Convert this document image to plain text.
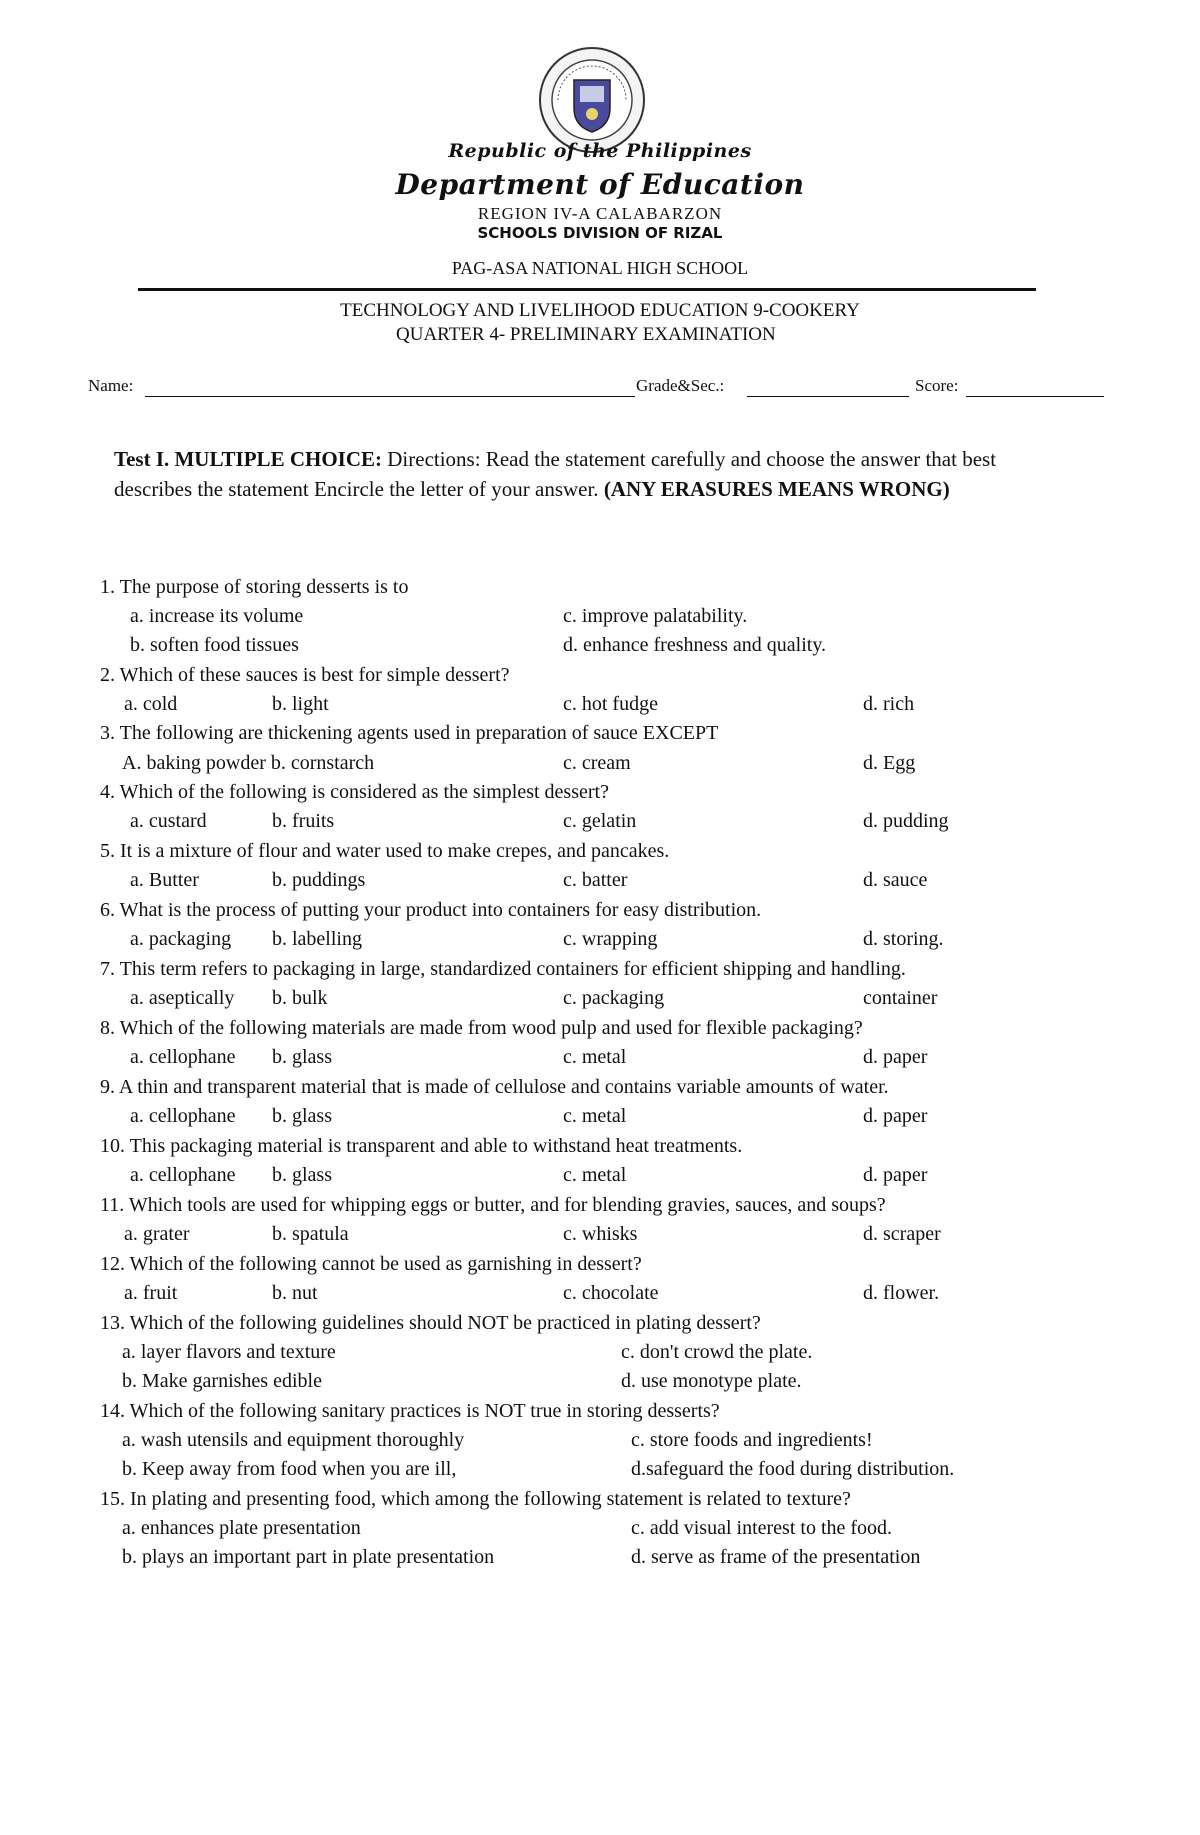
Republic of the Philippines
Department of Education
REGION IV-A CALABARZON
SCHOOLS DIVISION OF RIZAL
PAG-ASA NATIONAL HIGH SCHOOL
TECHNOLOGY AND LIVELIHOOD EDUCATION 9-COOKERY
QUARTER 4- PRELIMINARY EXAMINATION
Name:	Grade&Sec.:	Score:
Test I. MULTIPLE CHOICE: Directions: Read the statement carefully and choose the answer that best describes the statement Encircle the letter of your answer. (ANY ERASURES MEANS WRONG)
1. The purpose of storing desserts is to
a. increase its volume	c. improve palatability.
b. soften food tissues	d. enhance freshness and quality.
2. Which of these sauces is best for simple dessert?
a. cold	b. light	c. hot fudge	d. rich
3. The following are thickening agents used in preparation of sauce EXCEPT
A. baking powder b. cornstarch	c. cream	d. Egg
4. Which of the following is considered as the simplest dessert?
a. custard	b. fruits	c. gelatin	d. pudding
5. It is a mixture of flour and water used to make crepes, and pancakes.
a. Butter	b. puddings	c. batter	d. sauce
6. What is the process of putting your product into containers for easy distribution.
a. packaging b. labelling	c. wrapping	d. storing.
7. This term refers to packaging in large, standardized containers for efficient shipping and handling.
a. aseptically b. bulk	c. packaging	container
8. Which of the following materials are made from wood pulp and used for flexible packaging?
a. cellophane b. glass	c. metal	d. paper
9. A thin and transparent material that is made of cellulose and contains variable amounts of water.
a. cellophane b. glass	c. metal	d. paper
10. This packaging material is transparent and able to withstand heat treatments.
a. cellophane b. glass	c. metal	d. paper
11. Which tools are used for whipping eggs or butter, and for blending gravies, sauces, and soups?
a. grater	b. spatula	c. whisks	d. scraper
12. Which of the following cannot be used as garnishing in dessert?
a. fruit	b. nut	c. chocolate	d. flower.
13. Which of the following guidelines should NOT be practiced in plating dessert?
a. layer flavors and texture	c. don't crowd the plate.
b. Make garnishes edible	d. use monotype plate.
14. Which of the following sanitary practices is NOT true in storing desserts?
a. wash utensils and equipment thoroughly	c. store foods and ingredients!
b. Keep away from food when you are ill,	d.safeguard the food during distribution.
15. In plating and presenting food, which among the following statement is related to texture?
a. enhances plate presentation	c. add visual interest to the food.
b. plays an important part in plate presentation	d. serve as frame of the presentation
